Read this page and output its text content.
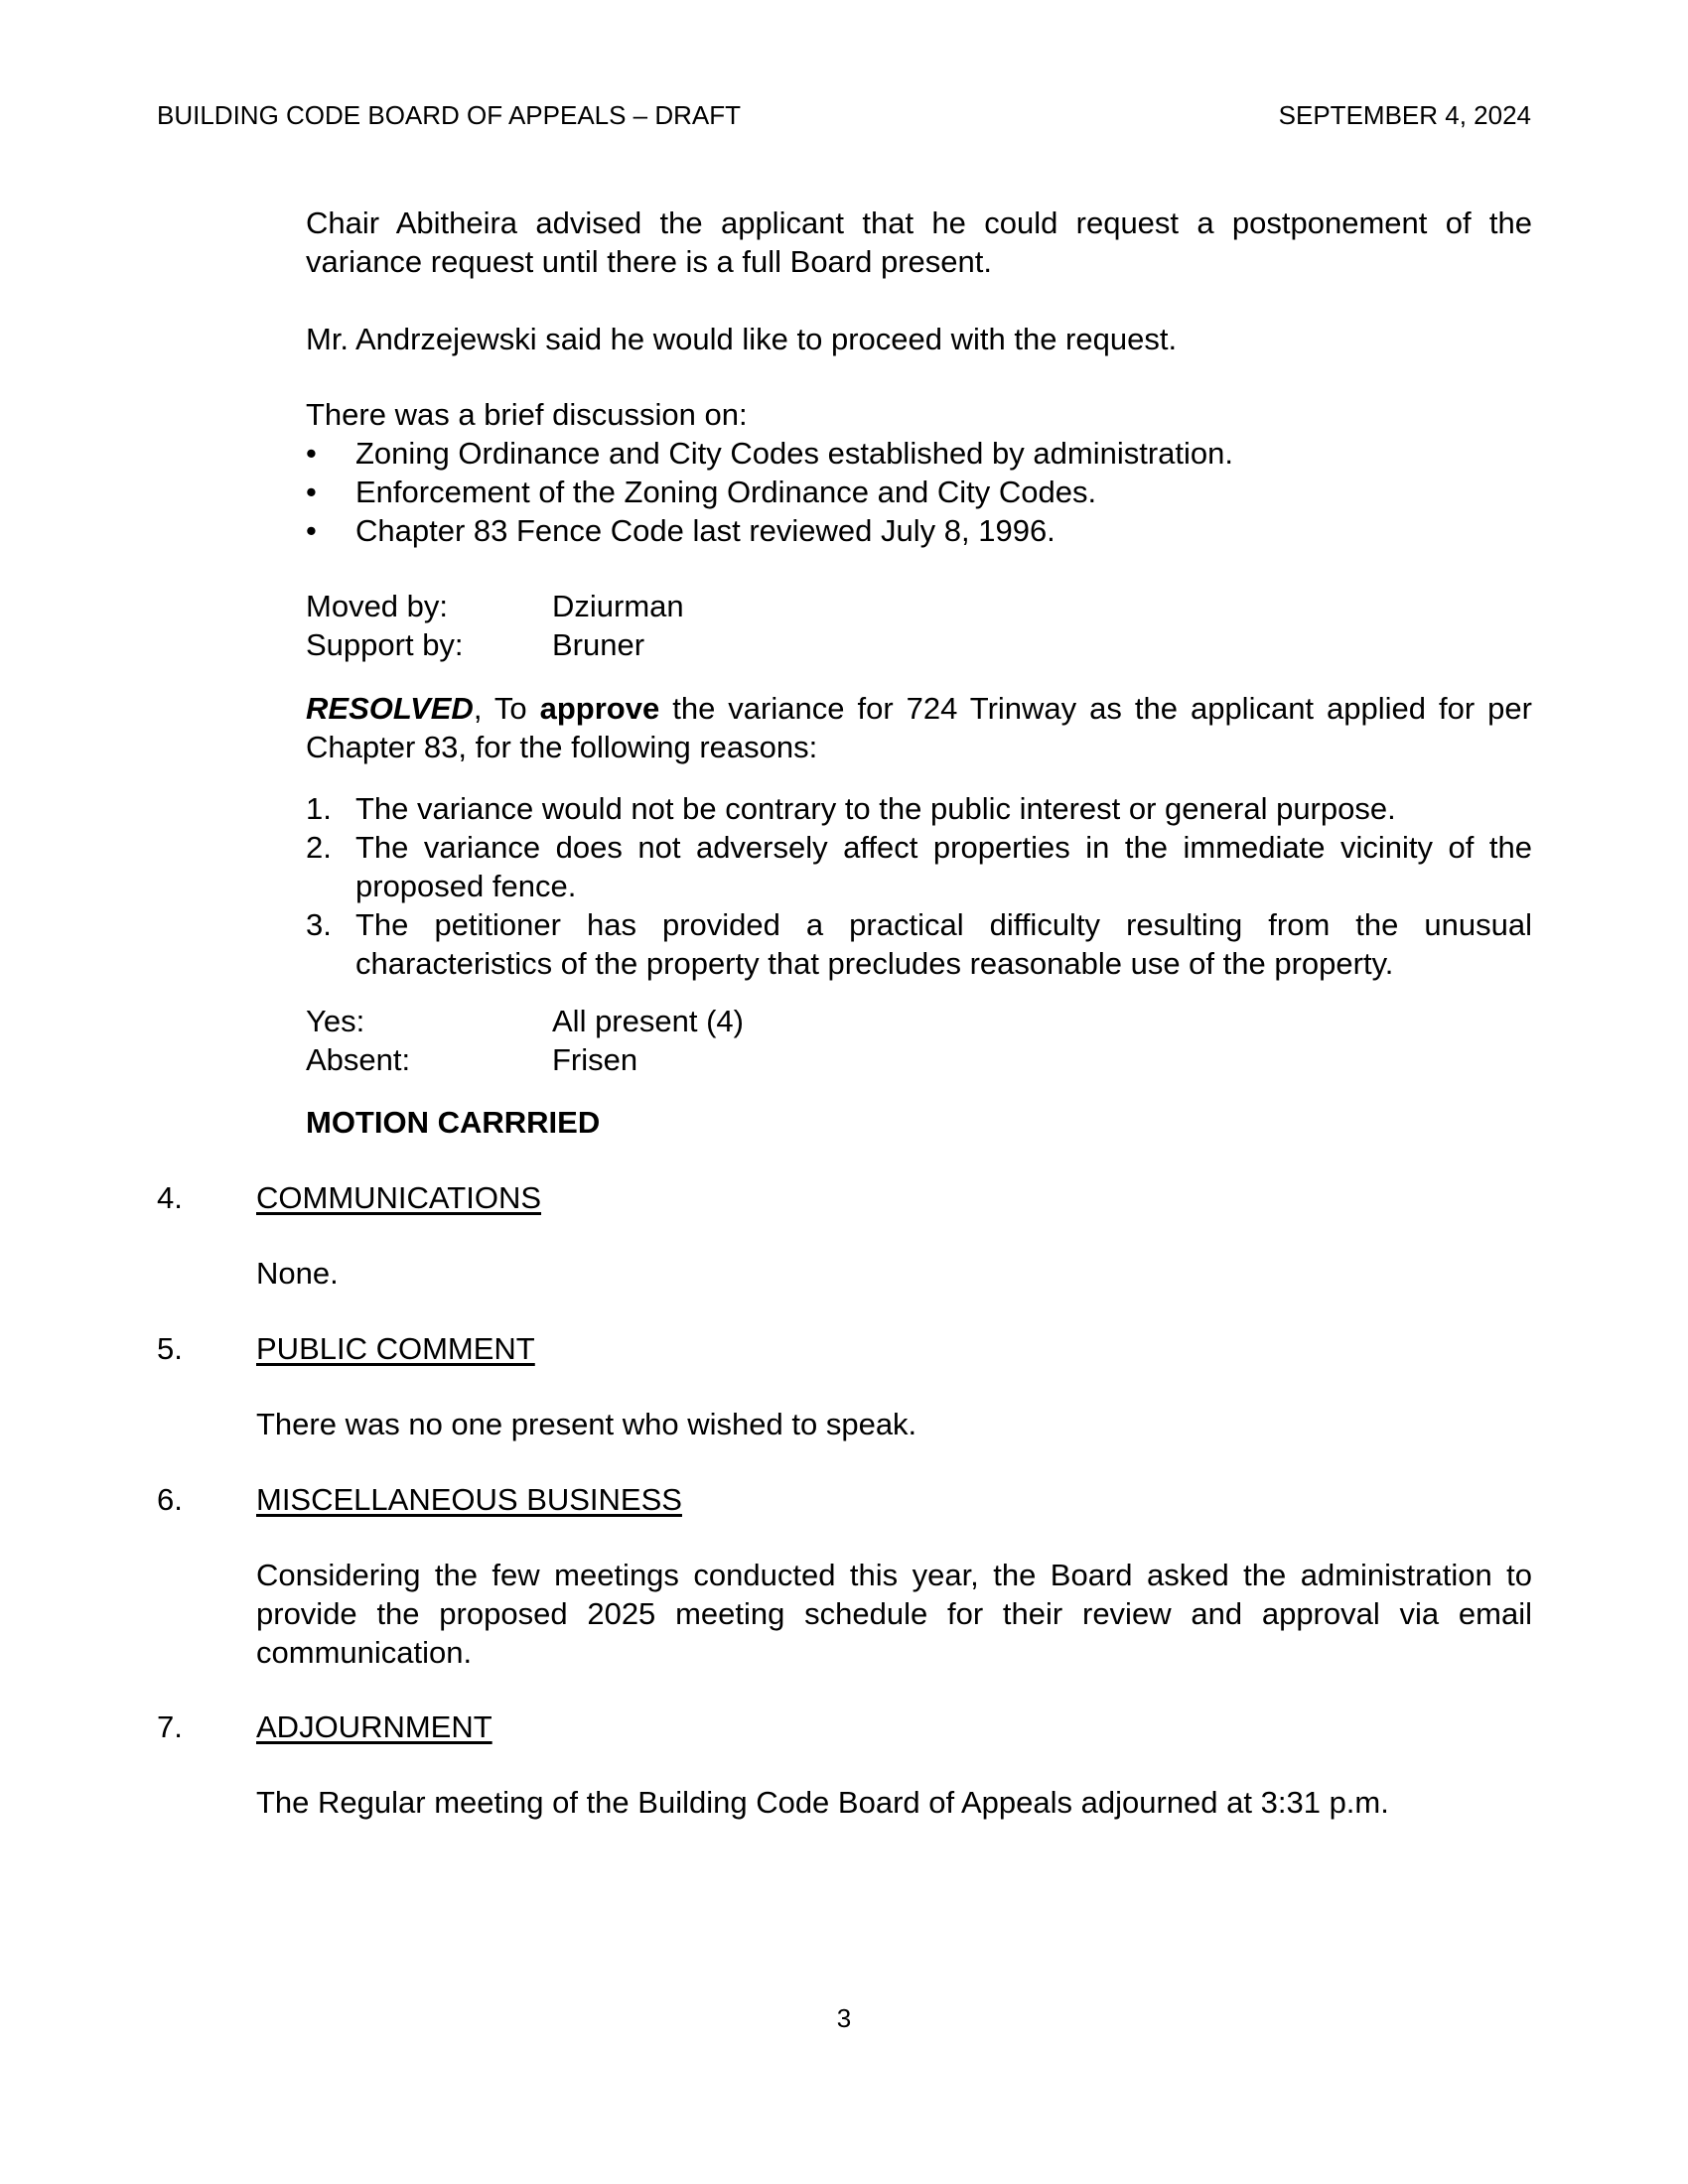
BUILDING CODE BOARD OF APPEALS – DRAFT	SEPTEMBER 4, 2024
Chair Abitheira advised the applicant that he could request a postponement of the variance request until there is a full Board present.
Mr. Andrzejewski said he would like to proceed with the request.
There was a brief discussion on:
• Zoning Ordinance and City Codes established by administration.
• Enforcement of the Zoning Ordinance and City Codes.
• Chapter 83 Fence Code last reviewed July 8, 1996.
Moved by:	Dziurman
Support by:	Bruner
RESOLVED, To approve the variance for 724 Trinway as the applicant applied for per Chapter 83, for the following reasons:
1. The variance would not be contrary to the public interest or general purpose.
2. The variance does not adversely affect properties in the immediate vicinity of the proposed fence.
3. The petitioner has provided a practical difficulty resulting from the unusual characteristics of the property that precludes reasonable use of the property.
Yes:	All present (4)
Absent:	Frisen
MOTION CARRRIED
4. COMMUNICATIONS
None.
5. PUBLIC COMMENT
There was no one present who wished to speak.
6. MISCELLANEOUS BUSINESS
Considering the few meetings conducted this year, the Board asked the administration to provide the proposed 2025 meeting schedule for their review and approval via email communication.
7. ADJOURNMENT
The Regular meeting of the Building Code Board of Appeals adjourned at 3:31 p.m.
3
